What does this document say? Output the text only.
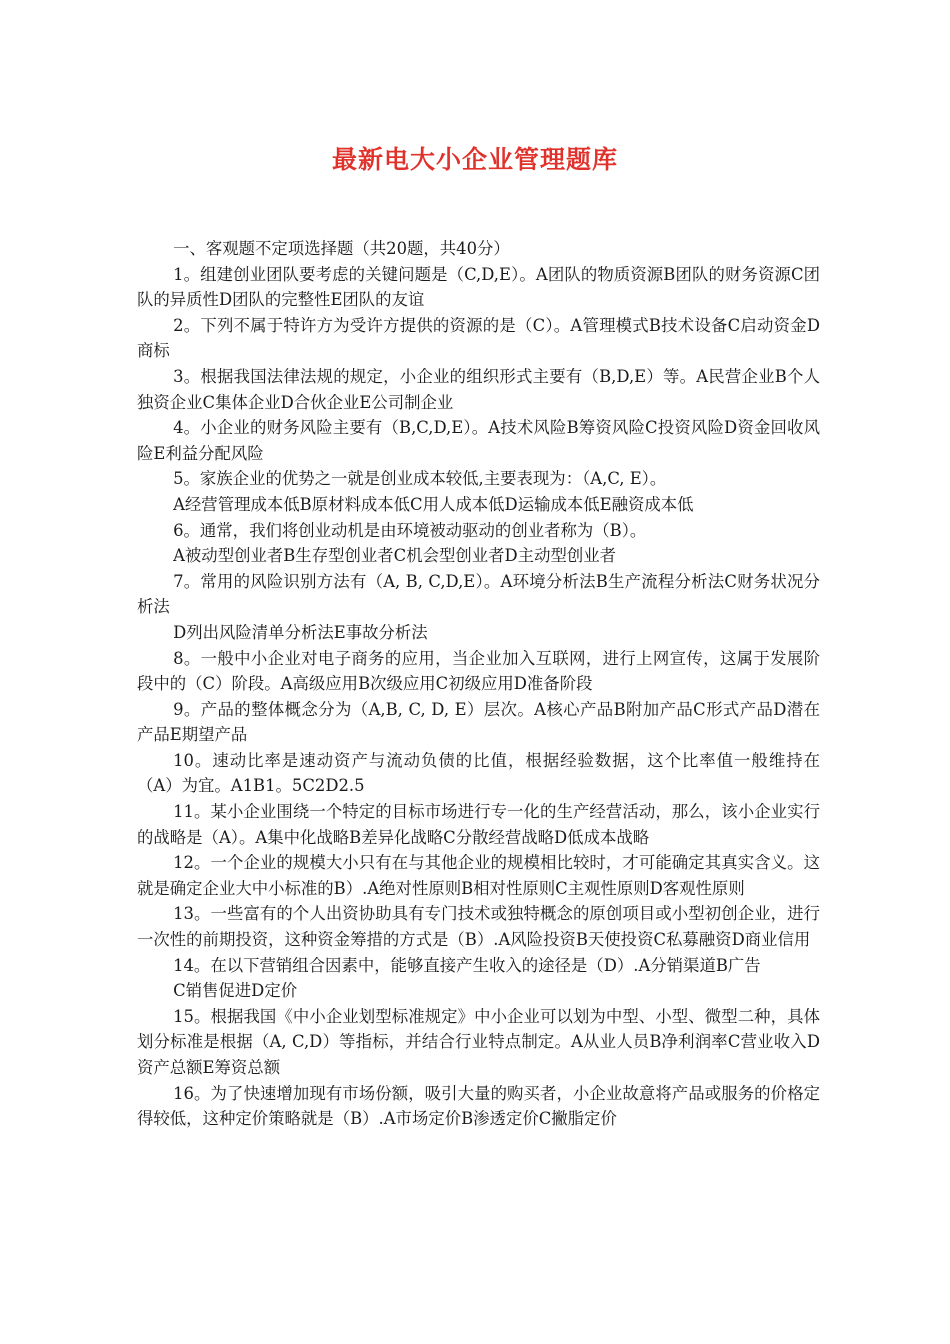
最新电大小企业管理题库

一、客观题不定项选择题（共20题，共40分）

1。组建创业团队要考虑的关键问题是（C,D,E）。A团队的物质资源B团队的财务资源C团队的异质性D团队的完整性E团队的友谊

2。下列不属于特许方为受许方提供的资源的是（C）。A管理模式B技术设备C启动资金D商标

3。根据我国法律法规的规定，小企业的组织形式主要有（B,D,E）等。A民营企业B个人独资企业C集体企业D合伙企业E公司制企业

4。小企业的财务风险主要有（B,C,D,E）。A技术风险B筹资风险C投资风险D资金回收风险E利益分配风险

5。家族企业的优势之一就是创业成本较低,主要表现为：（A,C, E）。

A经营管理成本低B原材料成本低C用人成本低D运输成本低E融资成本低

6。通常，我们将创业动机是由环境被动驱动的创业者称为（B）。

A被动型创业者B生存型创业者C机会型创业者D主动型创业者

7。常用的风险识别方法有（A, B, C,D,E）。A环境分析法B生产流程分析法C财务状况分析法

D列出风险清单分析法E事故分析法

8。一般中小企业对电子商务的应用，当企业加入互联网，进行上网宣传，这属于发展阶段中的（C）阶段。A高级应用B次级应用C初级应用D准备阶段

9。产品的整体概念分为（A,B, C, D, E）层次。A核心产品B附加产品C形式产品D潜在产品E期望产品

10。速动比率是速动资产与流动负债的比值，根据经验数据，这个比率值一般维持在（A）为宜。A1B1。5C2D2.5

11。某小企业围绕一个特定的目标市场进行专一化的生产经营活动，那么，该小企业实行的战略是（A）。A集中化战略B差异化战略C分散经营战略D低成本战略

12。一个企业的规模大小只有在与其他企业的规模相比较时，才可能确定其真实含义。这就是确定企业大中小标准的B）.A绝对性原则B相对性原则C主观性原则D客观性原则

13。一些富有的个人出资协助具有专门技术或独特概念的原创项目或小型初创企业，进行一次性的前期投资，这种资金筹措的方式是（B）.A风险投资B天使投资C私募融资D商业信用

14。在以下营销组合因素中，能够直接产生收入的途径是（D）.A分销渠道B广告

C销售促进D定价

15。根据我国《中小企业划型标准规定》中小企业可以划为中型、小型、微型二种，具体划分标准是根据（A, C,D）等指标，并结合行业特点制定。A从业人员B净利润率C营业收入D资产总额E筹资总额

16。为了快速增加现有市场份额，吸引大量的购买者，小企业故意将产品或服务的价格定得较低，这种定价策略就是（B）.A市场定价B渗透定价C撇脂定价
